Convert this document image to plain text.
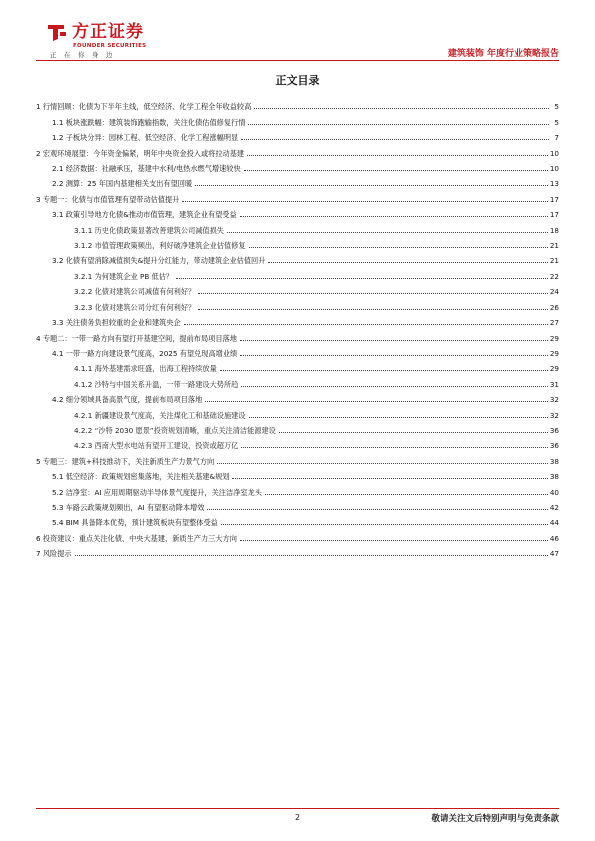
方正证券
FOUNDER SECURITIES
正在你身边	建筑装饰 年度行业策略报告
正文目录
1 行情回顾：化债为下半年主线，低空经济、化学工程全年收益较高	5
1.1 板块涨跌幅：建筑装饰跑输指数，关注化债估值修复行情	5
1.2 子板块分异：园林工程、低空经济、化学工程涨幅明显	7
2 宏观环境展望：今年资金偏紧，明年中央资金投入或将拉动基建	10
2.1 经济数据：社融承压，基建中水利/电热水燃气增速较快	10
2.2 测算：25 年国内基建相关支出有望回暖	13
3 专题一：化债与市值管理有望带动估值提升	17
3.1 政策引导地方化债&推动市值管理，建筑企业有望受益	17
3.1.1 历史化债政策显著改善建筑公司减值损失	18
3.1.2 市值管理政策频出，利好破净建筑企业估值修复	21
3.2 化债有望消除减值损失&提升分红能力，带动建筑企业估值回升	21
3.2.1 为何建筑企业 PB 低估？	22
3.2.2 化债对建筑公司减值有何利好？	24
3.2.3 化债对建筑公司分红有何利好？	26
3.3 关注债务负担较重的企业和建筑央企	27
4 专题二：一带一路方向有望打开基建空间，提前布局项目落地	29
4.1 一带一路方向建设景气度高，2025 有望兑现高增业绩	29
4.1.1 海外基建需求旺盛，出海工程持续放量	29
4.1.2 沙特与中国关系升温，一带一路建设大势所趋	31
4.2 细分领域具备高景气度，提前布局项目落地	32
4.2.1 新疆建设景气度高，关注煤化工和基础设施建设	32
4.2.2 “沙特 2030 愿景”投资规划清晰，重点关注清洁能源建设	36
4.2.3 西南大型水电站有望开工建设，投资或超万亿	36
5 专题三：建筑+科技推动下，关注新质生产力景气方向	38
5.1 低空经济：政策规划密集落地，关注相关基建&规划	38
5.2 洁净室：AI 应用周期驱动半导体景气度提升，关注洁净室龙头	40
5.3 车路云政策规划频出，AI 有望驱动降本增效	42
5.4 BIM 具备降本优势，预计建筑板块有望整体受益	44
6 投资建议：重点关注化债、中央大基建、新质生产力三大方向	46
7 风险提示	47
2	敬请关注文后特别声明与免责条款
